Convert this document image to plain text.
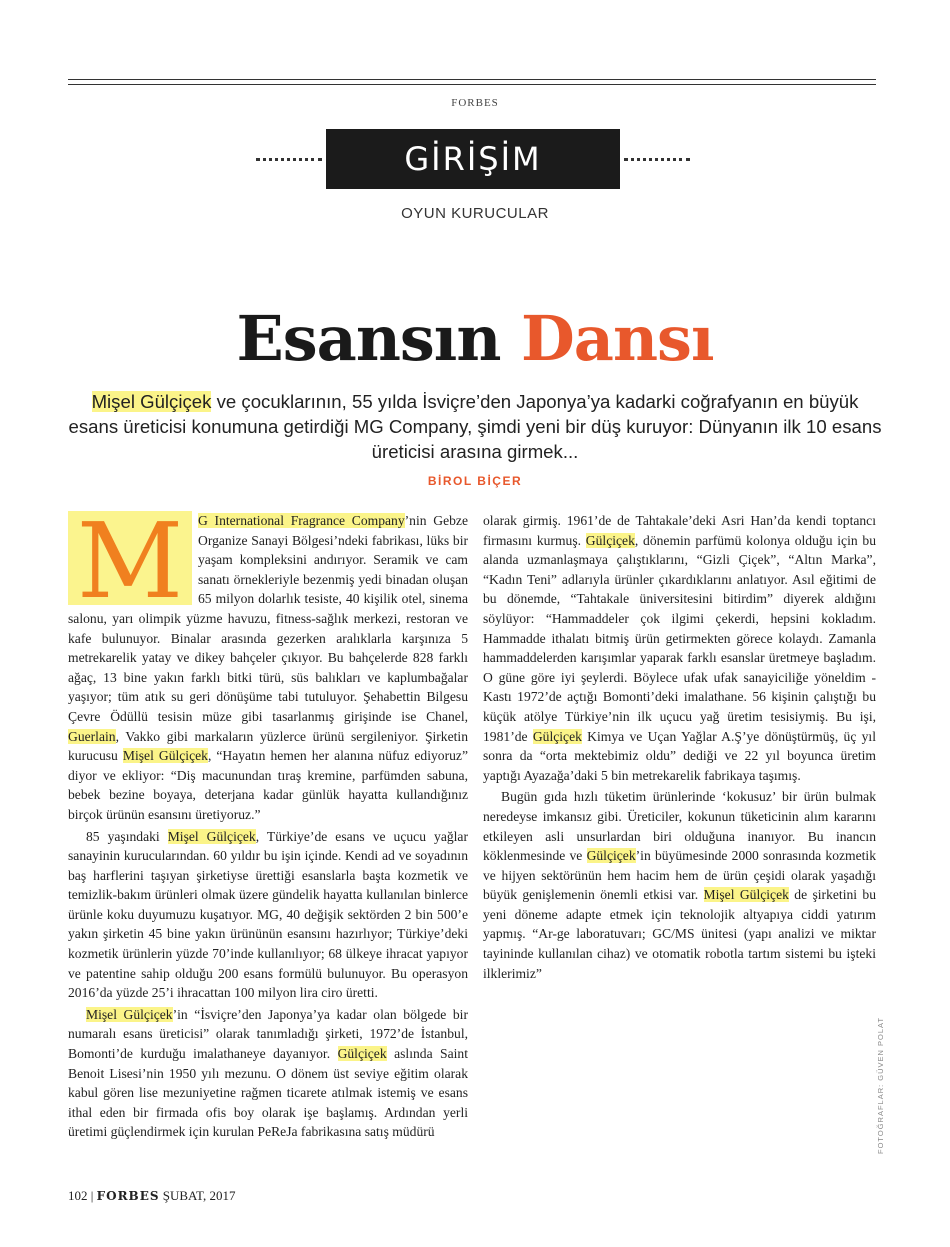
FORBES
GİRİŞİM
OYUN KURUCULAR
Esansın Dansı
Mişel Gülçiçek ve çocuklarının, 55 yılda İsviçre’den Japonya’ya kadarki coğrafyanın en büyük esans üreticisi konumuna getirdiği MG Company, şimdi yeni bir düş kuruyor: Dünyanın ilk 10 esans üreticisi arasına girmek...
BİROL BİÇER

M	G International Fragrance Company’nin Gebze Organize Sanayi Bölgesi’ndeki fabrikası, lüks bir yaşam kompleksini andırıyor. Seramik ve cam sanatı örnekleriyle bezenmiş yedi binadan oluşan 65 milyon dolarlık tesiste, 40 kişilik otel, sinema salonu, yarı olimpik yüzme havuzu, fitness-sağlık merkezi, restoran ve kafe bulunuyor. Binalar arasında gezerken aralıklarla karşınıza 5 metrekarelik yatay ve dikey bahçeler çıkıyor. Bu bahçelerde 828 farklı ağaç, 13 bine yakın farklı bitki türü, süs balıkları ve kaplumbağalar yaşıyor; tüm atık su geri dönüşüme tabi tutuluyor. Şehabettin Bilgesu Çevre Ödüllü tesisin müze gibi tasarlanmış girişinde ise Chanel, Guerlain, Vakko gibi markaların yüzlerce ürünü sergileniyor. Şirketin kurucusu Mişel Gülçiçek, “Hayatın hemen her alanına nüfuz ediyoruz” diyor ve ekliyor: “Diş macunundan tıraş kremine, parfümden sabuna, bebek bezine boyaya, deterjana kadar günlük hayatta kullandığınız birçok ürünün esansını üretiyoruz.”

85 yaşındaki Mişel Gülçiçek, Türkiye’de esans ve uçucu yağlar sanayinin kurucularından. 60 yıldır bu işin içinde. Kendi ad ve soyadının baş harflerini taşıyan şirketiyse ürettiği esanslarla başta kozmetik ve temizlik-bakım ürünleri olmak üzere gündelik hayatta kullanılan binlerce ürünle koku duyumuzu kuşatıyor. MG, 40 değişik sektörden 2 bin 500’e yakın şirketin 45 bine yakın ürününün esansını hazırlıyor; Türkiye’deki kozmetik ürünlerin yüzde 70’inde kullanılıyor; 68 ülkeye ihracat yapıyor ve patentine sahip olduğu 200 esans formülü bulunuyor. Bu operasyon 2016’da yüzde 25’i ihracattan 100 milyon lira ciro üretti.

Mişel Gülçiçek’in “İsviçre’den Japonya’ya kadar olan bölgede bir numaralı esans üreticisi” olarak tanımladığı şirketi, 1972’de İstanbul, Bomonti’de kurduğu imalathaneye dayanıyor. Gülçiçek aslında Saint Benoit Lisesi’nin 1950 yılı mezunu. O dönem üst seviye eğitim olarak kabul gören lise mezuniyetine rağmen ticarete atılmak istemiş ve esans ithal eden bir firmada ofis boy olarak işe başlamış. Ardından yerli üretimi güçlendirmek için kurulan PeReJa fabrikasına satış müdürü

olarak girmiş. 1961’de de Tahtakale’deki Asri Han’da kendi toptancı firmasını kurmuş. Gülçiçek, dönemin parfümü kolonya olduğu için bu alanda uzmanlaşmaya çalıştıklarını, “Gizli Çiçek”, “Altın Marka”, “Kadın Teni” adlarıyla ürünler çıkardıklarını anlatıyor. Asıl eğitimi de bu dönemde, “Tahtakale üniversitesini bitirdim” diyerek aldığını söylüyor: “Hammaddeler çok ilgimi çekerdi, hepsini kokladım. Hammadde ithalatı bitmiş ürün getirmekten görece kolaydı. Zamanla hammaddelerden karışımlar yaparak farklı esanslar üretmeye başladım. O güne göre iyi şeylerdi. Böylece ufak ufak sanayiciliğe yöneldim - Kastı 1972’de açtığı Bomonti’deki imalathane. 56 kişinin çalıştığı bu küçük atölye Türkiye’nin ilk uçucu yağ üretim tesisiymiş. Bu işi, 1981’de Gülçiçek Kimya ve Uçan Yağlar A.Ş’ye dönüştürmüş, üç yıl sonra da “orta mektebimiz oldu” dediği ve 22 yıl boyunca üretim yaptığı Ayazağa’daki 5 bin metrekarelik fabrikaya taşımış.

Bugün gıda hızlı tüketim ürünlerinde ‘kokusuz’ bir ürün bulmak neredeyse imkansız gibi. Üreticiler, kokunun tüketicinin alım kararını etkileyen asli unsurlardan biri olduğuna inanıyor. Bu inancın köklenmesinde ve Gülçiçek’in büyümesinde 2000 sonrasında kozmetik ve hijyen sektörünün hem hacim hem de ürün çeşidi olarak yaşadığı büyük genişlemenin önemli etkisi var. Mişel Gülçiçek de şirketini bu yeni döneme adapte etmek için teknolojik altyapıya ciddi yatırım yapmış. “Ar-ge laboratuvarı; GC/MS ünitesi (yapı analizi ve miktar tayininde kullanılan cihaz) ve otomatik robotla tartım sistemi bu işteki ilklerimiz”

FOTOĞRAFLAR: GÜVEN POLAT
102 | FORBES ŞUBAT, 2017
